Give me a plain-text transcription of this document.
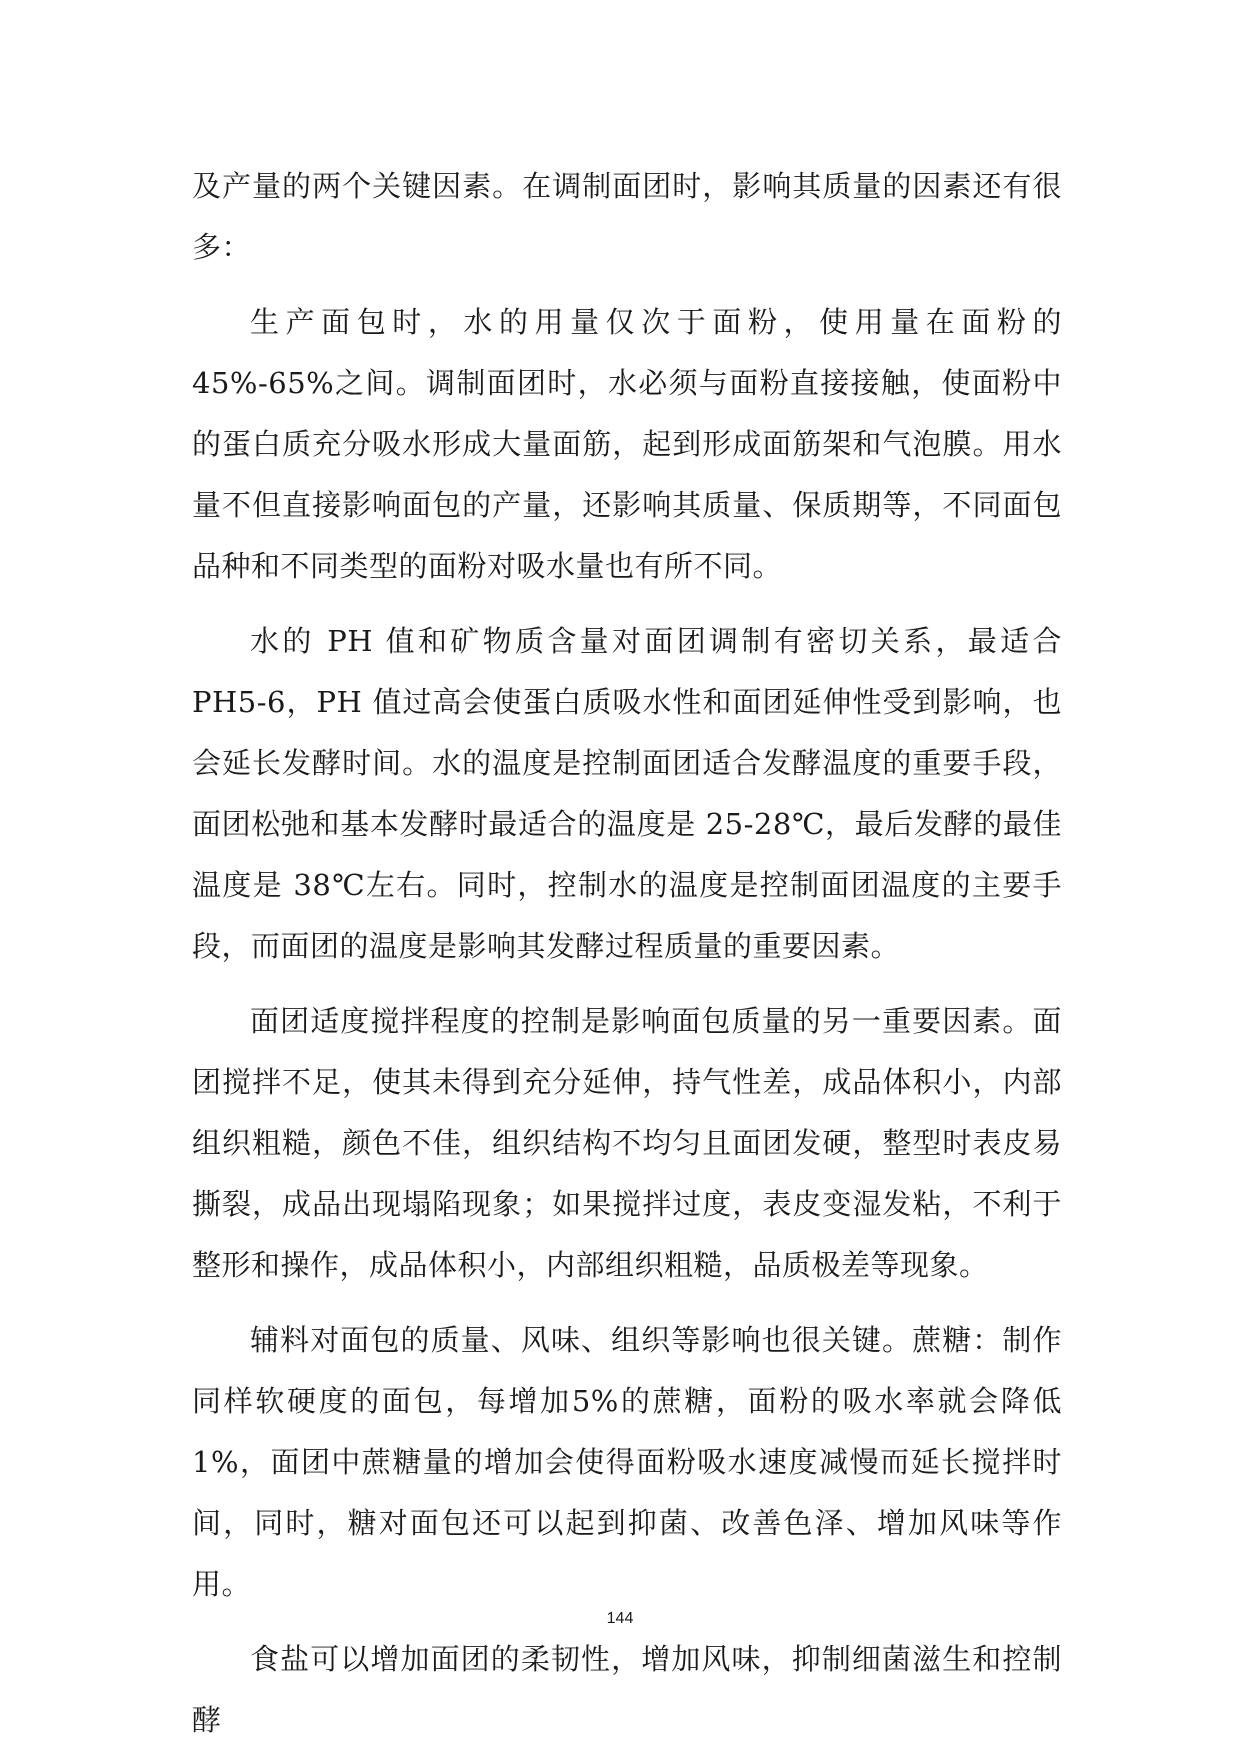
及产量的两个关键因素。在调制面团时，影响其质量的因素还有很多：

生产面包时，水的用量仅次于面粉，使用量在面粉的45%-65%之间。调制面团时，水必须与面粉直接接触，使面粉中的蛋白质充分吸水形成大量面筋，起到形成面筋架和气泡膜。用水量不但直接影响面包的产量，还影响其质量、保质期等，不同面包品种和不同类型的面粉对吸水量也有所不同。

水的 PH 值和矿物质含量对面团调制有密切关系，最适合 PH5-6，PH 值过高会使蛋白质吸水性和面团延伸性受到影响，也会延长发酵时间。水的温度是控制面团适合发酵温度的重要手段，面团松弛和基本发酵时最适合的温度是 25-28℃，最后发酵的最佳温度是 38℃左右。同时，控制水的温度是控制面团温度的主要手段，而面团的温度是影响其发酵过程质量的重要因素。

面团适度搅拌程度的控制是影响面包质量的另一重要因素。面团搅拌不足，使其未得到充分延伸，持气性差，成品体积小，内部组织粗糙，颜色不佳，组织结构不均匀且面团发硬，整型时表皮易撕裂，成品出现塌陷现象；如果搅拌过度，表皮变湿发粘，不利于整形和操作，成品体积小，内部组织粗糙，品质极差等现象。

辅料对面包的质量、风味、组织等影响也很关键。蔗糖：制作同样软硬度的面包，每增加5%的蔗糖，面粉的吸水率就会降低 1%，面团中蔗糖量的增加会使得面粉吸水速度减慢而延长搅拌时间，同时，糖对面包还可以起到抑菌、改善色泽、增加风味等作用。

食盐可以增加面团的柔韧性，增加风味，抑制细菌滋生和控制酵

144
